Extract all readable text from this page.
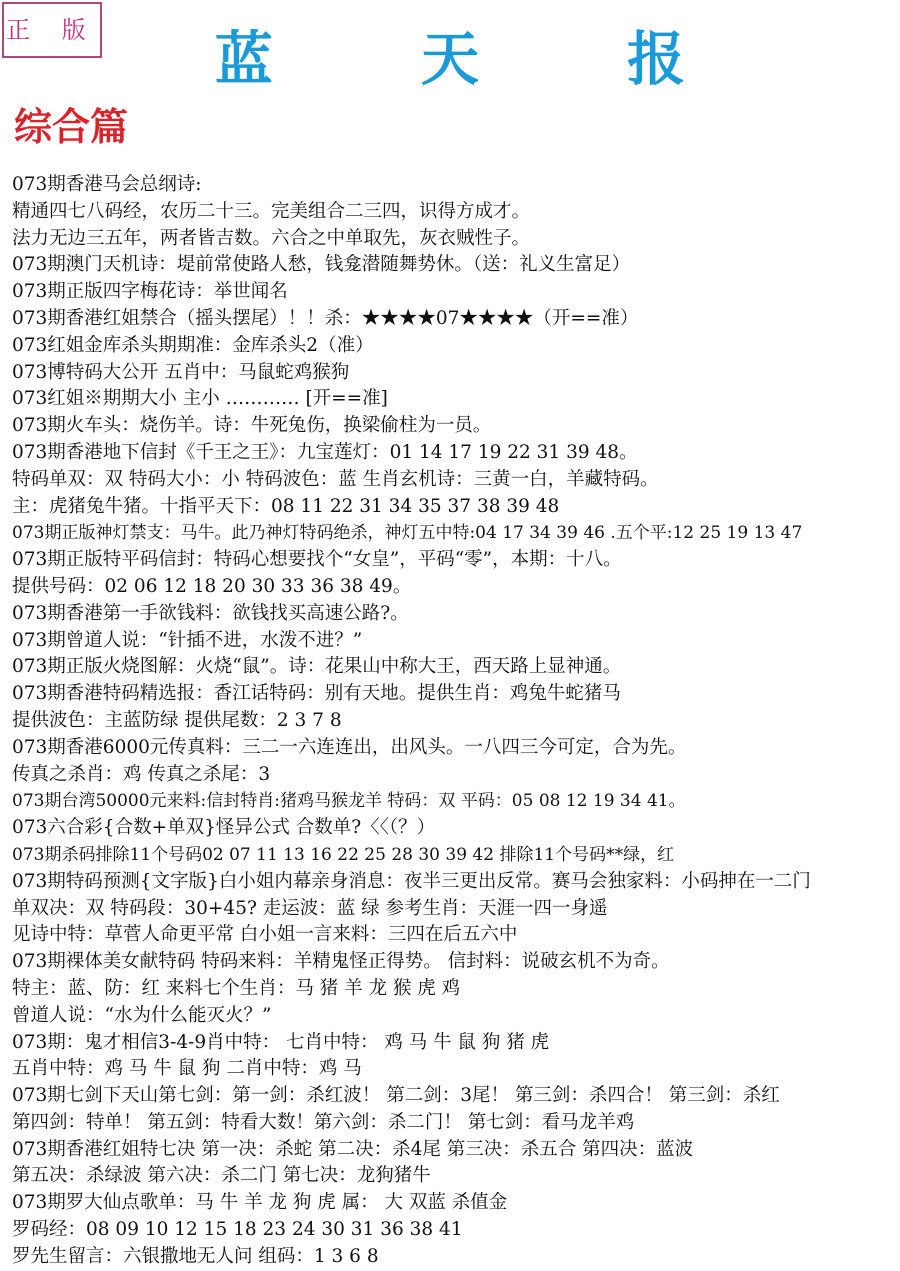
正 版	蓝 天 报
综合篇
073期香港马会总纲诗:
精通四七八码经，农历二十三。完美组合二三四，识得方成才。
法力无边三五年，两者皆吉数。六合之中单取先，灰衣贼性子。
073期澳门天机诗：堤前常使路人愁，钱龛潜随舞势休。（送：礼义生富足）
073期正版四字梅花诗：举世闻名
073期香港红姐禁合（摇头摆尾）！！杀：★★★★07★★★★（开==准）
073红姐金库杀头期期准：金库杀头2（准）
073博特码大公开 五肖中：马鼠蛇鸡猴狗
073红姐※期期大小 主小 ………… [开==准]
073期火车头：烧伤羊。诗：牛死兔伤，换梁偷柱为一员。
073期香港地下信封《千王之王》：九宝莲灯：01 14 17 19 22 31 39 48。
特码单双：双 特码大小：小 特码波色：蓝 生肖玄机诗：三黄一白，羊藏特码。
主：虎猪兔牛猪。十指平天下：08 11 22 31 34 35 37 38 39 48
073期正版神灯禁支：马牛。此乃神灯特码绝杀，神灯五中特:04 17 34 39 46 .五个平:12 25 19 13 47
073期正版特平码信封：特码心想要找个“女皇”，平码“零”，本期：十八。
提供号码：02 06 12 18 20 30 33 36 38 49。
073期香港第一手欲钱料：欲钱找买高速公路?。
073期曾道人说：“针插不进，水泼不进？”
073期正版火烧图解：火烧“鼠”。诗：花果山中称大王，西天路上显神通。
073期香港特码精选报：香江话特码：别有天地。提供生肖：鸡兔牛蛇猪马
提供波色：主蓝防绿 提供尾数：2 3 7 8
073期香港6000元传真料：三二一六连连出，出风头。一八四三今可定，合为先。
传真之杀肖：鸡 传真之杀尾：3
073期台湾50000元来料:信封特肖:猪鸡马猴龙羊 特码：双 平码：05 08 12 19 34 41。
073六合彩{合数+单双}怪异公式 合数单?〈〈（？）
073期杀码排除11个号码02 07 11 13 16 22 25 28 30 39 42 排除11个号码**绿，红
073期特码预测{文字版}白小姐内幕亲身消息：夜半三更出反常。赛马会独家料：小码抻在一二门
单双决：双 特码段：30+45? 走运波：蓝 绿 参考生肖：天涯一四一身遥
见诗中特：草菅人命更平常 白小姐一言来料：三四在后五六中
073期裸体美女献特码 特码来料：羊精鬼怪正得势。 信封料：说破玄机不为奇。
特主：蓝、防：红 来料七个生肖：马 猪 羊 龙 猴 虎 鸡
曾道人说：“水为什么能灭火？”
073期：鬼才相信3-4-9肖中特： 七肖中特： 鸡 马 牛 鼠 狗 猪 虎
五肖中特：鸡 马 牛 鼠 狗 二肖中特：鸡 马
073期七剑下天山第七剑：第一剑：杀红波！ 第二剑：3尾！ 第三剑：杀四合！ 第三剑：杀红
第四剑：特单！ 第五剑：特看大数！第六剑：杀二门！ 第七剑：看马龙羊鸡
073期香港红姐特七决 第一决：杀蛇 第二决：杀4尾 第三决：杀五合 第四决：蓝波
第五决：杀绿波 第六决：杀二门 第七决：龙狗猪牛
073期罗大仙点歌单：马 牛 羊 龙 狗 虎 属： 大 双蓝 杀值金
罗码经：08 09 10 12 15 18 23 24 30 31 36 38 41
罗先生留言：六银撒地无人问 组码：1 3 6 8
